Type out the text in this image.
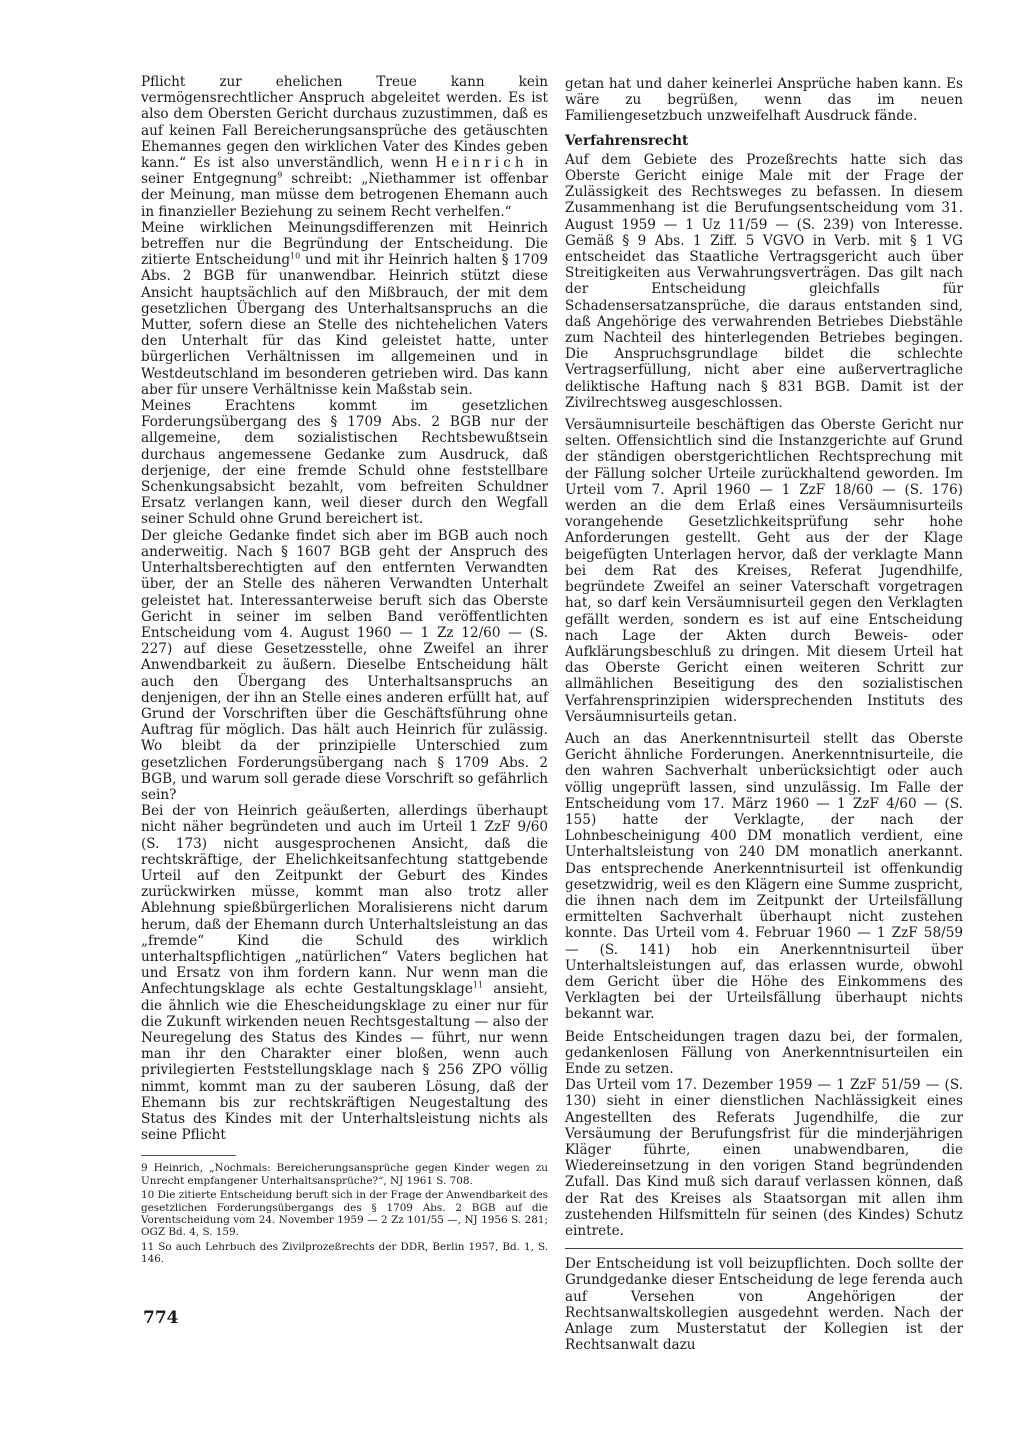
Pflicht zur ehelichen Treue kann kein vermögensrechtlicher Anspruch abgeleitet werden. Es ist also dem Obersten Gericht durchaus zuzustimmen, daß es auf keinen Fall Bereicherungsansprüche des getäuschten Ehemannes gegen den wirklichen Vater des Kindes geben kann.“ Es ist also unverständlich, wenn Heinrich in seiner Entgegnung$^9$ schreibt: „Niethammer ist offenbar der Meinung, man müsse dem betrogenen Ehemann auch in finanzieller Beziehung zu seinem Recht verhelfen.“

Meine wirklichen Meinungsdifferenzen mit Heinrich betreffen nur die Begründung der Entscheidung. Die zitierte Entscheidung$^{10}$ und mit ihr Heinrich halten § 1709 Abs. 2 BGB für unanwendbar. Heinrich stützt diese Ansicht hauptsächlich auf den Mißbrauch, der mit dem gesetzlichen Übergang des Unterhaltsanspruchs an die Mutter, sofern diese an Stelle des nichtehelichen Vaters den Unterhalt für das Kind geleistet hatte, unter bürgerlichen Verhältnissen im allgemeinen und in Westdeutschland im besonderen getrieben wird. Das kann aber für unsere Verhältnisse kein Maßstab sein.

Meines Erachtens kommt im gesetzlichen Forderungsübergang des § 1709 Abs. 2 BGB nur der allgemeine, dem sozialistischen Rechtsbewußtsein durchaus angemessene Gedanke zum Ausdruck, daß derjenige, der eine fremde Schuld ohne feststellbare Schenkungsabsicht bezahlt, vom befreiten Schuldner Ersatz verlangen kann, weil dieser durch den Wegfall seiner Schuld ohne Grund bereichert ist.

Der gleiche Gedanke findet sich aber im BGB auch noch anderweitig. Nach § 1607 BGB geht der Anspruch des Unterhaltsberechtigten auf den entfernten Verwandten über, der an Stelle des näheren Verwandten Unterhalt geleistet hat. Interessanterweise beruft sich das Oberste Gericht in seiner im selben Band veröffentlichten Entscheidung vom 4. August 1960 — 1 Zz 12/60 — (S. 227) auf diese Gesetzesstelle, ohne Zweifel an ihrer Anwendbarkeit zu äußern. Dieselbe Entscheidung hält auch den Übergang des Unterhaltsanspruchs an denjenigen, der ihn an Stelle eines anderen erfüllt hat, auf Grund der Vorschriften über die Geschäftsführung ohne Auftrag für möglich. Das hält auch Heinrich für zulässig. Wo bleibt da der prinzipielle Unterschied zum gesetzlichen Forderungsübergang nach § 1709 Abs. 2 BGB, und warum soll gerade diese Vorschrift so gefährlich sein?

Bei der von Heinrich geäußerten, allerdings überhaupt nicht näher begründeten und auch im Urteil 1 ZzF 9/60 (S. 173) nicht ausgesprochenen Ansicht, daß die rechtskräftige, der Ehelichkeitsanfechtung stattgebende Urteil auf den Zeitpunkt der Geburt des Kindes zurückwirken müsse, kommt man also trotz aller Ablehnung spießbürgerlichen Moralisierens nicht darum herum, daß der Ehemann durch Unterhaltsleistung an das „fremde“ Kind die Schuld des wirklich unterhaltspflichtigen „natürlichen“ Vaters beglichen hat und Ersatz von ihm fordern kann. Nur wenn man die Anfechtungsklage als echte Gestaltungsklage$^{11}$ ansieht, die ähnlich wie die Ehescheidungsklage zu einer nur für die Zukunft wirkenden neuen Rechtsgestaltung — also der Neuregelung des Status des Kindes — führt, nur wenn man ihr den Charakter einer bloßen, wenn auch privilegierten Feststellungsklage nach § 256 ZPO völlig nimmt, kommt man zu der sauberen Lösung, daß der Ehemann bis zur rechtskräftigen Neugestaltung des Status des Kindes mit der Unterhaltsleistung nichts als seine Pflicht

9 Heinrich, „Nochmals: Bereicherungsansprüche gegen Kinder wegen zu Unrecht empfangener Unterhaltsansprüche?“, NJ 1961 S. 708.

10 Die zitierte Entscheidung beruft sich in der Frage der Anwendbarkeit des gesetzlichen Forderungsübergangs des § 1709 Abs. 2 BGB auf die Vorentscheidung vom 24. November 1959 — 2 Zz 101/55 —, NJ 1956 S. 281; OGZ Bd. 4, S. 159.

11 So auch Lehrbuch des Zivilprozeßrechts der DDR, Berlin 1957, Bd. 1, S. 146.

getan hat und daher keinerlei Ansprüche haben kann. Es wäre zu begrüßen, wenn das im neuen Familiengesetzbuch unzweifelhaft Ausdruck fände.

Verfahrensrecht

Auf dem Gebiete des Prozeßrechts hatte sich das Oberste Gericht einige Male mit der Frage der Zulässigkeit des Rechtsweges zu befassen. In diesem Zusammenhang ist die Berufungsentscheidung vom 31. August 1959 — 1 Uz 11/59 — (S. 239) von Interesse. Gemäß § 9 Abs. 1 Ziff. 5 VGVO in Verb. mit § 1 VG entscheidet das Staatliche Vertragsgericht auch über Streitigkeiten aus Verwahrungsverträgen. Das gilt nach der Entscheidung gleichfalls für Schadensersatzansprüche, die daraus entstanden sind, daß Angehörige des verwahrenden Betriebes Diebstähle zum Nachteil des hinterlegenden Betriebes begingen. Die Anspruchsgrundlage bildet die schlechte Vertragserfüllung, nicht aber eine außervertragliche deliktische Haftung nach § 831 BGB. Damit ist der Zivilrechtsweg ausgeschlossen.

Versäumnisurteile beschäftigen das Oberste Gericht nur selten. Offensichtlich sind die Instanzgerichte auf Grund der ständigen oberstgerichtlichen Rechtsprechung mit der Fällung solcher Urteile zurückhaltend geworden. Im Urteil vom 7. April 1960 — 1 ZzF 18/60 — (S. 176) werden an die dem Erlaß eines Versäumnisurteils vorangehende Gesetzlichkeitsprüfung sehr hohe Anforderungen gestellt. Geht aus der der Klage beigefügten Unterlagen hervor, daß der verklagte Mann bei dem Rat des Kreises, Referat Jugendhilfe, begründete Zweifel an seiner Vaterschaft vorgetragen hat, so darf kein Versäumnisurteil gegen den Verklagten gefällt werden, sondern es ist auf eine Entscheidung nach Lage der Akten durch Beweis- oder Aufklärungsbeschluß zu dringen. Mit diesem Urteil hat das Oberste Gericht einen weiteren Schritt zur allmählichen Beseitigung des den sozialistischen Verfahrensprinzipien widersprechenden Instituts des Versäumnisurteils getan.

Auch an das Anerkenntnisurteil stellt das Oberste Gericht ähnliche Forderungen. Anerkenntnisurteile, die den wahren Sachverhalt unberücksichtigt oder auch völlig ungeprüft lassen, sind unzulässig. Im Falle der Entscheidung vom 17. März 1960 — 1 ZzF 4/60 — (S. 155) hatte der Verklagte, der nach der Lohnbescheinigung 400 DM monatlich verdient, eine Unterhaltsleistung von 240 DM monatlich anerkannt. Das entsprechende Anerkenntnisurteil ist offenkundig gesetzwidrig, weil es den Klägern eine Summe zuspricht, die ihnen nach dem im Zeitpunkt der Urteilsfällung ermittelten Sachverhalt überhaupt nicht zustehen konnte. Das Urteil vom 4. Februar 1960 — 1 ZzF 58/59 — (S. 141) hob ein Anerkenntnisurteil über Unterhaltsleistungen auf, das erlassen wurde, obwohl dem Gericht über die Höhe des Einkommens des Verklagten bei der Urteilsfällung überhaupt nichts bekannt war.

Beide Entscheidungen tragen dazu bei, der formalen, gedankenlosen Fällung von Anerkenntnisurteilen ein Ende zu setzen.

Das Urteil vom 17. Dezember 1959 — 1 ZzF 51/59 — (S. 130) sieht in einer dienstlichen Nachlässigkeit eines Angestellten des Referats Jugendhilfe, die zur Versäumung der Berufungsfrist für die minderjährigen Kläger führte, einen unabwendbaren, die Wiedereinsetzung in den vorigen Stand begründenden Zufall. Das Kind muß sich darauf verlassen können, daß der Rat des Kreises als Staatsorgan mit allen ihm zustehenden Hilfsmitteln für seinen (des Kindes) Schutz eintrete.

Der Entscheidung ist voll beizupflichten. Doch sollte der Grundgedanke dieser Entscheidung de lege ferenda auch auf Versehen von Angehörigen der Rechtsanwaltskollegien ausgedehnt werden. Nach der Anlage zum Musterstatut der Kollegien ist der Rechtsanwalt dazu

774
